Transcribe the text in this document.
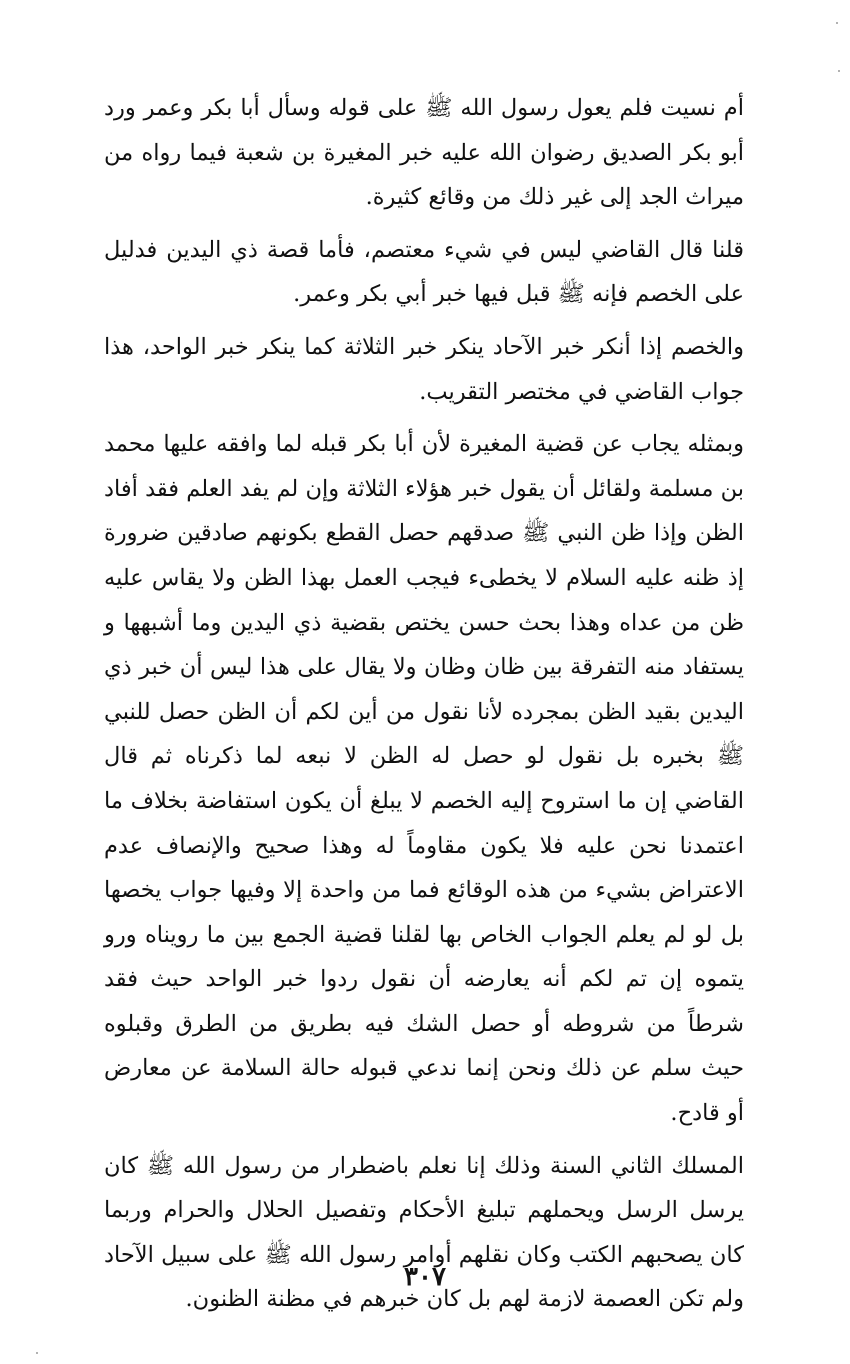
أم نسيت فلم يعول رسول الله ﷺ على قوله وسأل أبا بكر وعمر ورد أبو بكر الصديق رضوان الله عليه خبر المغيرة بن شعبة فيما رواه من ميراث الجد إلى غير ذلك من وقائع كثيرة.

قلنا قال القاضي ليس في شيء معتصم، فأما قصة ذي اليدين فدليل على الخصم فإنه ﷺ قبل فيها خبر أبي بكر وعمر.

والخصم إذا أنكر خبر الآحاد ينكر خبر الثلاثة كما ينكر خبر الواحد، هذا جواب القاضي في مختصر التقريب.

وبمثله يجاب عن قضية المغيرة لأن أبا بكر قبله لما وافقه عليها محمد بن مسلمة ولقائل أن يقول خبر هؤلاء الثلاثة وإن لم يفد العلم فقد أفاد الظن وإذا ظن النبي ﷺ صدقهم حصل القطع بكونهم صادقين ضرورة إذ ظنه عليه السلام لا يخطىء فيجب العمل بهذا الظن ولا يقاس عليه ظن من عداه وهذا بحث حسن يختص بقضية ذي اليدين وما أشبهها و يستفاد منه التفرقة بين ظان وظان ولا يقال على هذا ليس أن خبر ذي اليدين بقيد الظن بمجرده لأنا نقول من أين لكم أن الظن حصل للنبي ﷺ بخبره بل نقول لو حصل له الظن لا نبعه لما ذكرناه ثم قال القاضي إن ما استروح إليه الخصم لا يبلغ أن يكون استفاضة بخلاف ما اعتمدنا نحن عليه فلا يكون مقاوماً له وهذا صحيح والإنصاف عدم الاعتراض بشيء من هذه الوقائع فما من واحدة إلا وفيها جواب يخصها بل لو لم يعلم الجواب الخاص بها لقلنا قضية الجمع بين ما رويناه ورو يتموه إن تم لكم أنه يعارضه أن نقول ردوا خبر الواحد حيث فقد شرطاً من شروطه أو حصل الشك فيه بطريق من الطرق وقبلوه حيث سلم عن ذلك ونحن إنما ندعي قبوله حالة السلامة عن معارض أو قادح.

المسلك الثاني السنة وذلك إنا نعلم باضطرار من رسول الله ﷺ كان يرسل الرسل ويحملهم تبليغ الأحكام وتفصيل الحلال والحرام وربما كان يصحبهم الكتب وكان نقلهم أوامر رسول الله ﷺ على سبيل الآحاد ولم تكن العصمة لازمة لهم بل كان خبرهم في مظنة الظنون.

٣٠٧
